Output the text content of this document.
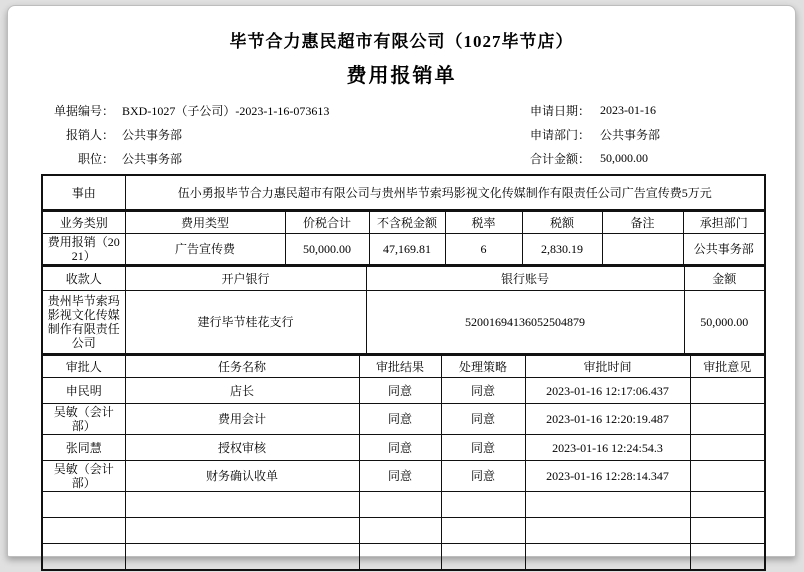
毕节合力惠民超市有限公司（1027毕节店）
费用报销单
单据编号： BXD-1027（子公司）-2023-1-16-073613	申请日期： 2023-01-16
报销人： 公共事务部	申请部门： 公共事务部
职位： 公共事务部	合计金额： 50,000.00
事由	伍小勇报毕节合力惠民超市有限公司与贵州毕节索玛影视文化传媒制作有限责任公司广告宣传费5万元
业务类别	费用类型	价税合计	不含税金额	税率	税额	备注	承担部门
费用报销（2021）	广告宣传费	50,000.00	47,169.81	6	2,830.19		公共事务部
收款人	开户银行	银行账号	金额
贵州毕节索玛影视文化传媒制作有限责任公司	建行毕节桂花支行	52001694136052504879	50,000.00
审批人	任务名称	审批结果	处理策略	审批时间	审批意见
申民明	店长	同意	同意	2023-01-16 12:17:06.437	
吴敏（会计部）	费用会计	同意	同意	2023-01-16 12:20:19.487	
张同慧	授权审核	同意	同意	2023-01-16 12:24:54.3	
吴敏（会计部）	财务确认收单	同意	同意	2023-01-16 12:28:14.347	
